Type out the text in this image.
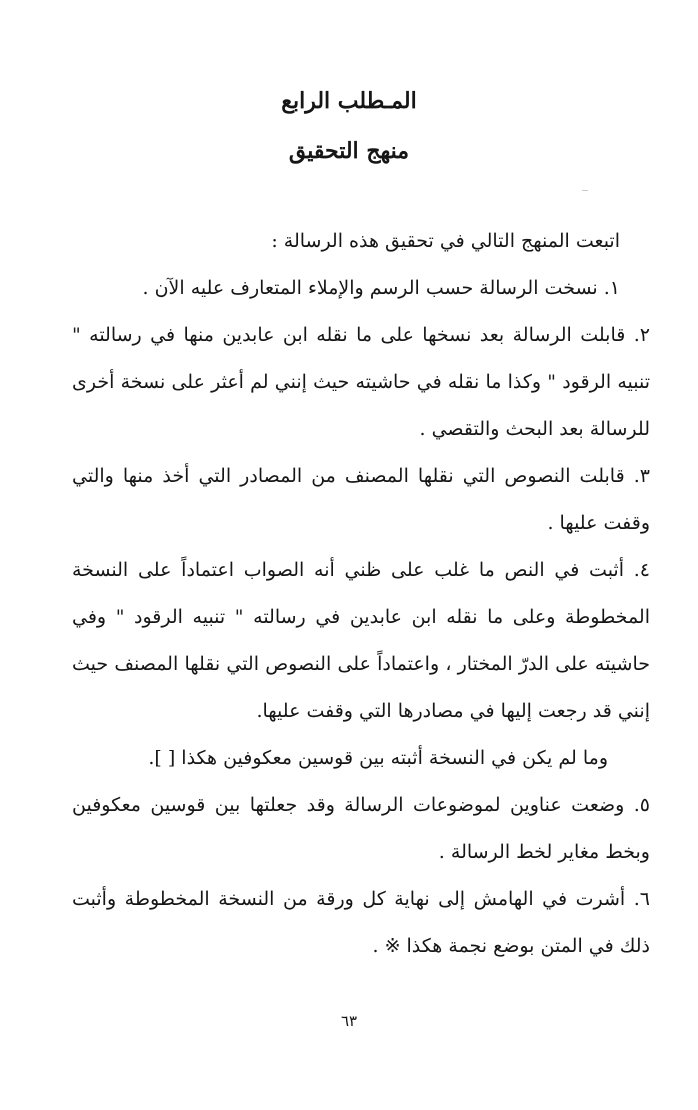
المـطلب الرابع
منهج التحقيق

اتبعت المنهج التالي في تحقيق هذه الرسالة :

١. نسخت الرسالة حسب الرسم والإملاء المتعارف عليه الآن .

٢. قابلت الرسالة بعد نسخها على ما نقله ابن عابدين منها في رسالته " تنبيه الرقود " وكذا ما نقله في حاشيته حيث إنني لم أعثر على نسخة أخرى للرسالة بعد البحث والتقصي .

٣. قابلت النصوص التي نقلها المصنف من المصادر التي أخذ منها والتي وقفت عليها .

٤. أثبت في النص ما غلب على ظني أنه الصواب اعتماداً على النسخة المخطوطة وعلى ما نقله ابن عابدين في رسالته " تنبيه الرقود " وفي حاشيته على الدرّ المختار ، واعتماداً على النصوص التي نقلها المصنف حيث إنني قد رجعت إليها في مصادرها التي وقفت عليها.

وما لم يكن في النسخة أثبته بين قوسين معكوفين هكذا [ ].

٥. وضعت عناوين لموضوعات الرسالة وقد جعلتها بين قوسين معكوفين وبخط مغاير لخط الرسالة .

٦. أشرت في الهامش إلى نهاية كل ورقة من النسخة المخطوطة وأثبت ذلك في المتن بوضع نجمة هكذا ※ .

٦٣
